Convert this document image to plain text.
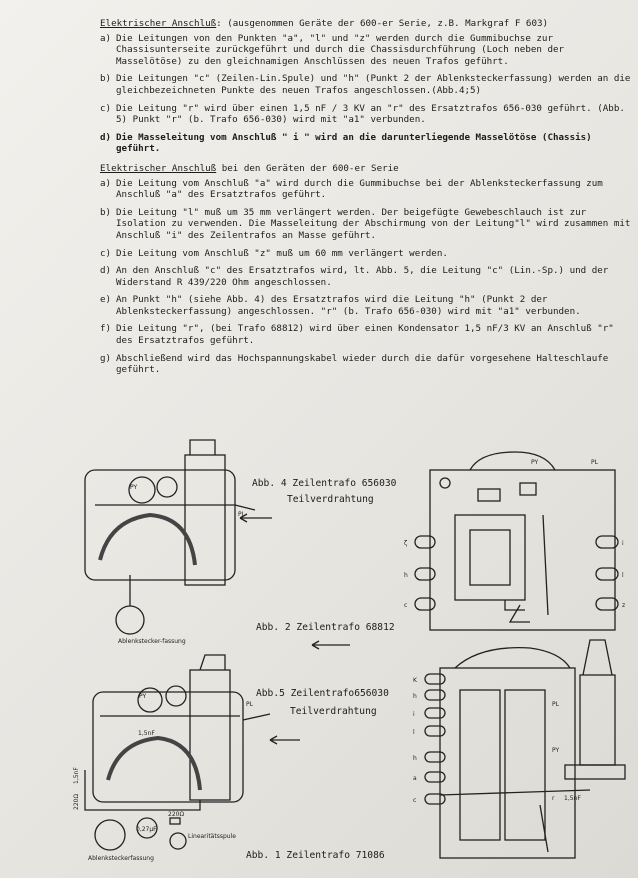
Elektrischer Anschluß: (ausgenommen Geräte der 600-er Serie, z.B. Markgraf F 603)
a) Die Leitungen von den Punkten "a", "l" und "z" werden durch die Gummibuchse zur Chassisunterseite zurückgeführt und durch die Chassisdurchführung (Loch neben der Masselötöse) zu den gleichnamigen Anschlüssen des neuen Trafos geführt.
b) Die Leitungen "c" (Zeilen-Lin.Spule) und "h" (Punkt 2 der Ablenksteckerfassung) werden an die gleichbezeichneten Punkte des neuen Trafos angeschlossen.(Abb.4;5)
c) Die Leitung "r" wird über einen 1,5 nF / 3 KV an "r" des Ersatztrafos 656-030 geführt. (Abb. 5) Punkt "r" (b. Trafo 656-030) wird mit "a1" verbunden.
d) Die Masseleitung vom Anschluß " i " wird an die darunterliegende Masselötöse (Chassis) geführt.
Elektrischer Anschluß bei den Geräten der 600-er Serie
a) Die Leitung vom Anschluß "a" wird durch die Gummibuchse bei der Ablenksteckerfassung zum Anschluß "a" des Ersatztrafos geführt.
b) Die Leitung "l" muß um 35 mm verlängert werden. Der beigefügte Gewebeschlauch ist zur Isolation zu verwenden. Die Masseleitung der Abschirmung von der Leitung"l" wird zusammen mit Anschluß "i" des Zeilentrafos an Masse geführt.
c) Die Leitung vom Anschluß "z" muß um 60 mm verlängert werden.
d) An den Anschluß "c" des Ersatztrafos wird, lt. Abb. 5, die Leitung "c" (Lin.-Sp.) und der Widerstand R 439/220 Ohm angeschlossen.
e) An Punkt "h" (siehe Abb. 4) des Ersatztrafos wird die Leitung "h" (Punkt 2 der Ablenksteckerfassung) angeschlossen. "r" (b. Trafo 656-030) wird mit "a1" verbunden.
f) Die Leitung "r", (bei Trafo 68812) wird über einen Kondensator 1,5 nF/3 KV an Anschluß "r" des Ersatztrafos geführt.
g) Abschließend wird das Hochspannungskabel wieder durch die dafür vorgesehene Halteschlaufe geführt.
PY
PL
Ablenkstecker-fassung
ζ
h
c
i
l
z
PY	PL
PY
PL
1,5nF
0,27µF
220Ω
Linearitätsspule
Ablenksteckerfassung
220Ω
1,5nF
K
h
i
l
h
a
c
PL
PY
r 1,5nF
Abb. 4 Zeilentrafo 656030
Teilverdrahtung
Abb. 2 Zeilentrafo 68812
Abb.5 Zeilentrafo656030
Teilverdrahtung
Abb. 1 Zeilentrafo 71086
